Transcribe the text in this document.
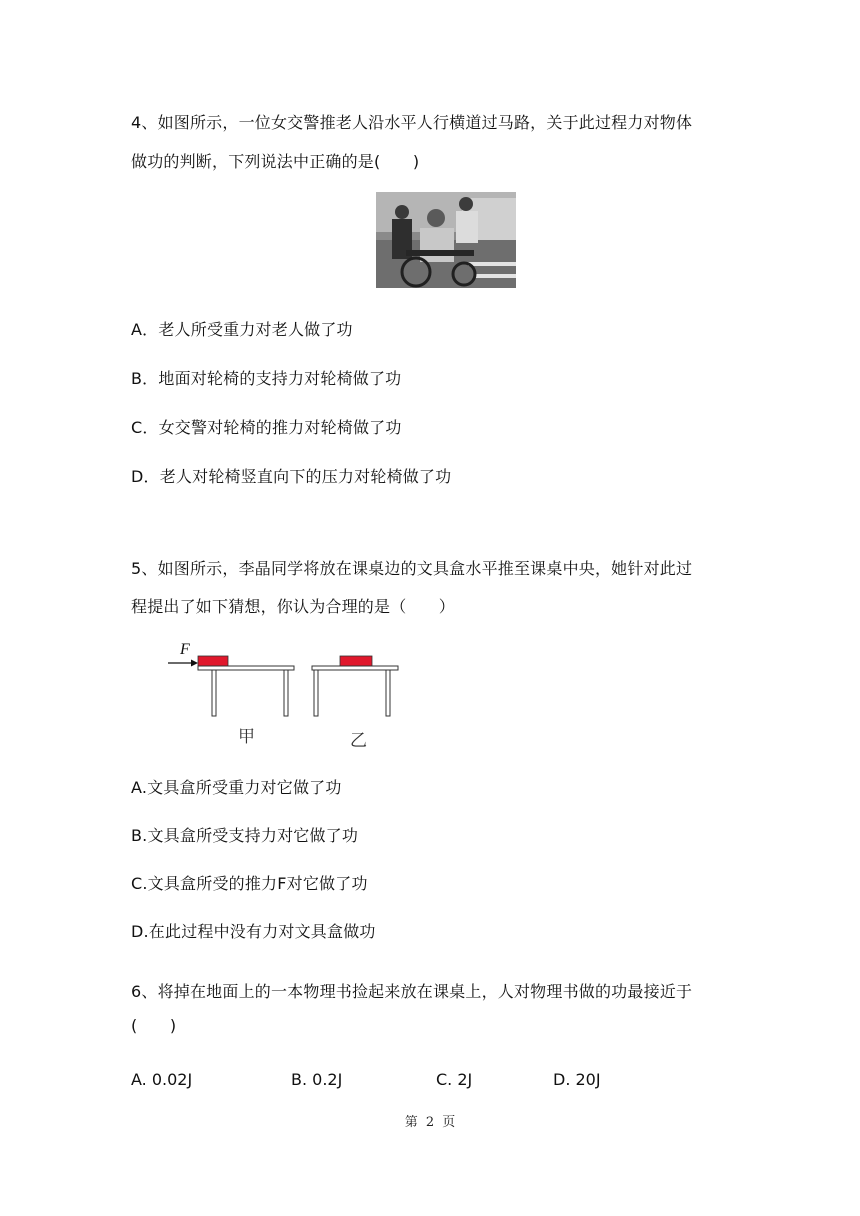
4、如图所示，一位女交警推老人沿水平人行横道过马路，关于此过程力对物体
做功的判断，下列说法中正确的是(　　)
A．老人所受重力对老人做了功
B．地面对轮椅的支持力对轮椅做了功
C．女交警对轮椅的推力对轮椅做了功
D．老人对轮椅竖直向下的压力对轮椅做了功
5、如图所示，李晶同学将放在课桌边的文具盒水平推至课桌中央，她针对此过
程提出了如下猜想，你认为合理的是（　　）
F
甲	乙
A.文具盒所受重力对它做了功
B.文具盒所受支持力对它做了功
C.文具盒所受的推力F对它做了功
D.在此过程中没有力对文具盒做功
6、将掉在地面上的一本物理书捡起来放在课桌上，人对物理书做的功最接近于
(　　)
A. 0.02J	B. 0.2J	C. 2J	D. 20J
第 2 页
